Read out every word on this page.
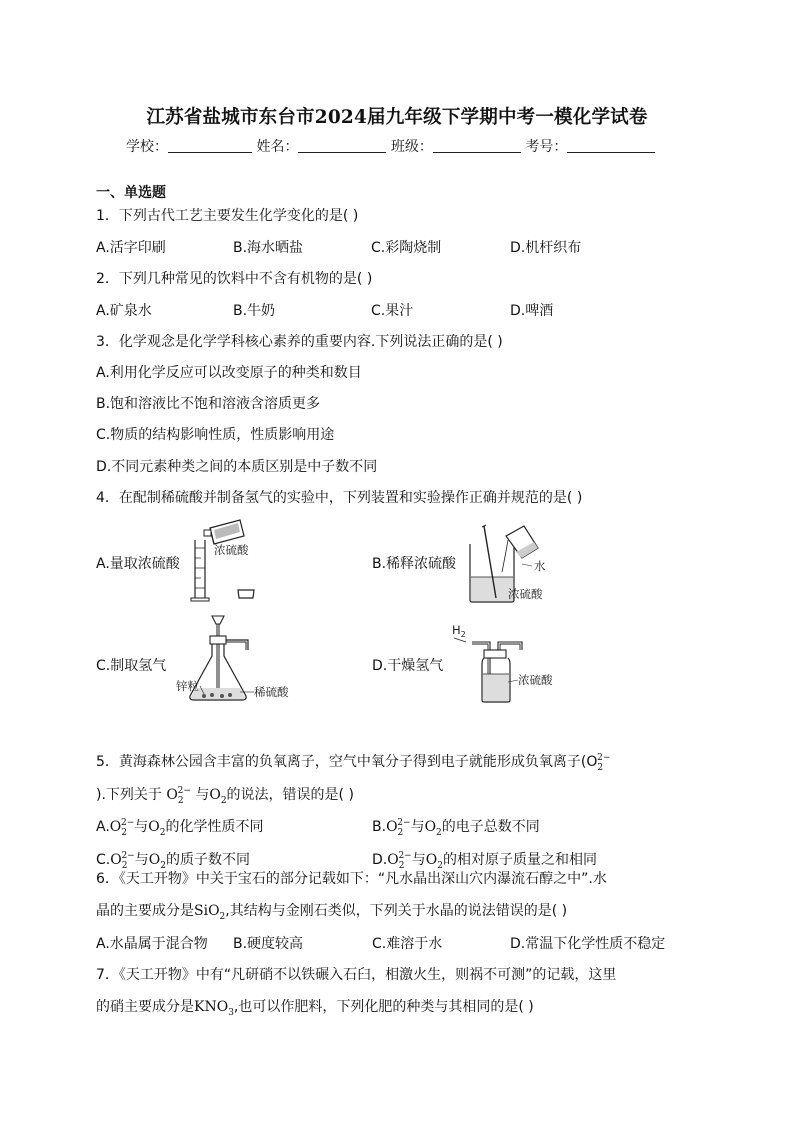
江苏省盐城市东台市2024届九年级下学期中考一模化学试卷
学校：	姓名：	班级：	考号：
一、单选题
1．下列古代工艺主要发生化学变化的是( )
A.活字印刷	B.海水晒盐	C.彩陶烧制	D.机杆织布
2．下列几种常见的饮料中不含有机物的是( )
A.矿泉水	B.牛奶	C.果汁	D.啤酒
3．化学观念是化学学科核心素养的重要内容.下列说法正确的是( )
A.利用化学反应可以改变原子的种类和数目
B.饱和溶液比不饱和溶液含溶质更多
C.物质的结构影响性质，性质影响用途
D.不同元素种类之间的本质区别是中子数不同
4．在配制稀硫酸并制备氢气的实验中，下列装置和实验操作正确并规范的是( )
A.量取浓硫酸
浓硫酸
B.稀释浓硫酸	水
浓硫酸
C.制取氢气
锌粒	稀硫酸
D.干燥氢气
$H_2$
浓硫酸
5．黄海森林公园含丰富的负氧离子，空气中氧分子得到电子就能形成负氧离子($O_2^{2-}$
).下列关于 $O_2^{2-}$ 与$O_2$的说法，错误的是( )
$A.O_2^{2-}$与$O_2$的化学性质不同	$B.O_2^{2-}$与$O_2$的电子总数不同
$C.O_2^{2-}$与$O_2$的质子数不同	$D.O_2^{2-}$与$O_2$的相对原子质量之和相同
6．《天工开物》中关于宝石的部分记载如下：“凡水晶出深山穴内瀑流石醇之中”.水
晶的主要成分是SiO$_2$,其结构与金刚石类似，下列关于水晶的说法错误的是( )
A.水晶属于混合物 B.硬度较高	C.难溶于水	D.常温下化学性质不稳定
7．《天工开物》中有“凡研硝不以铁碾入石臼，相激火生，则祸不可测”的记载，这里
的硝主要成分是$KNO_3$,也可以作肥料，下列化肥的种类与其相同的是( )
